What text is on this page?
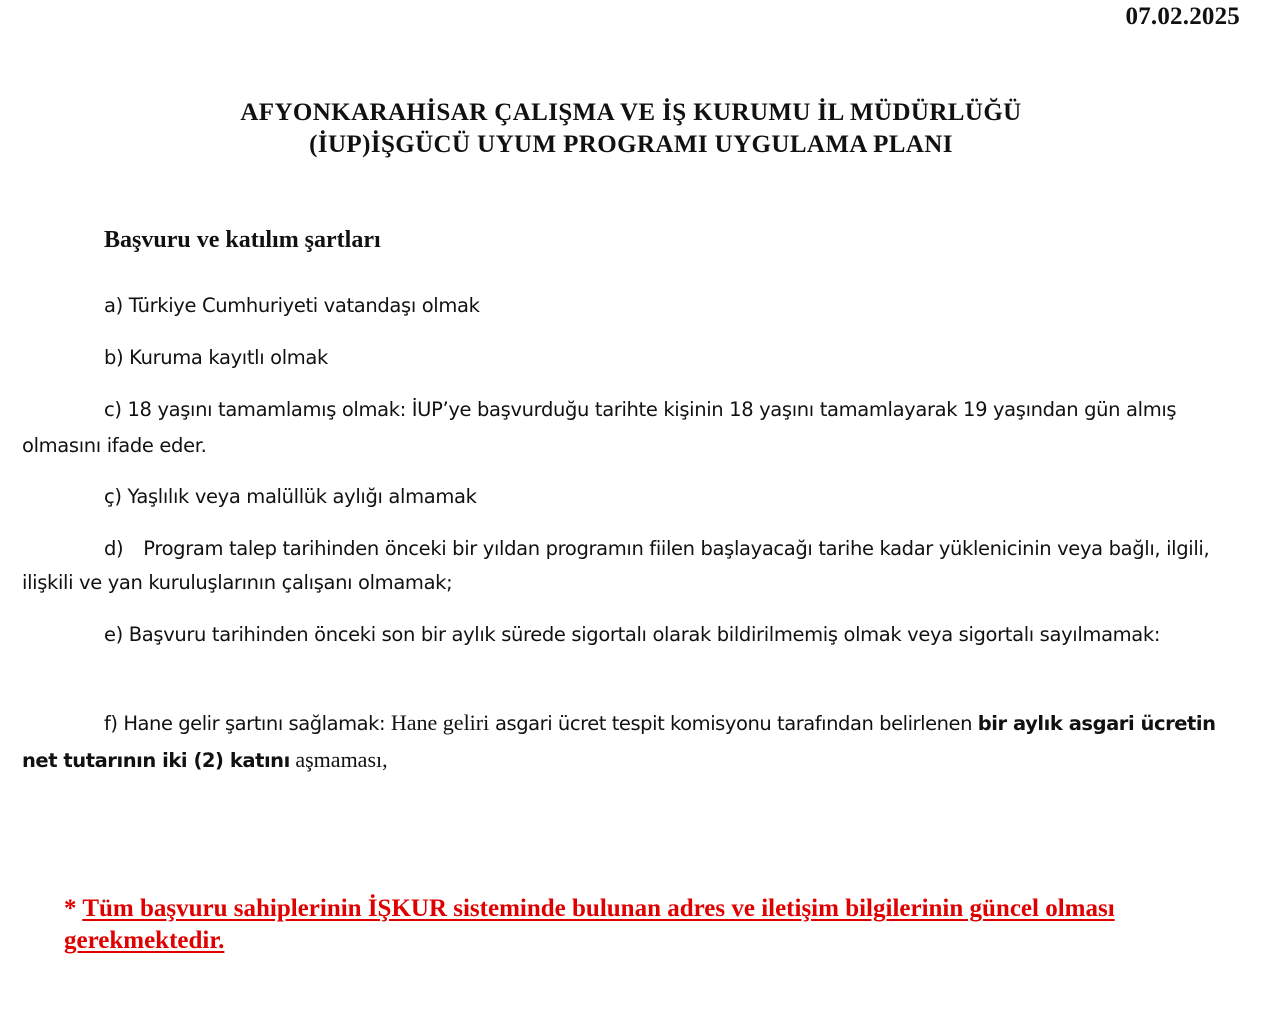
07.02.2025
AFYONKARAHİSAR ÇALIŞMA VE İŞ KURUMU İL MÜDÜRLÜĞÜ
(İUP)İŞGÜCÜ UYUM PROGRAMI UYGULAMA PLANI
Başvuru ve katılım şartları
a) Türkiye Cumhuriyeti vatandaşı olmak
b) Kuruma kayıtlı olmak
c) 18 yaşını tamamlamış olmak: İUP’ye başvurduğu tarihte kişinin 18 yaşını tamamlayarak 19 yaşından gün almış olmasını ifade eder.
ç) Yaşlılık veya malüllük aylığı almamak
d) Program talep tarihinden önceki bir yıldan programın fiilen başlayacağı tarihe kadar yüklenicinin veya bağlı, ilgili, ilişkili ve yan kuruluşlarının çalışanı olmamak;
e) Başvuru tarihinden önceki son bir aylık sürede sigortalı olarak bildirilmemiş olmak veya sigortalı sayılmamak:
f) Hane gelir şartını sağlamak: Hane geliri asgari ücret tespit komisyonu tarafından belirlenen bir aylık asgari ücretin net tutarının iki (2) katını aşmaması,
* Tüm başvuru sahiplerinin İŞKUR sisteminde bulunan adres ve iletişim bilgilerinin güncel olması gerekmektedir.
